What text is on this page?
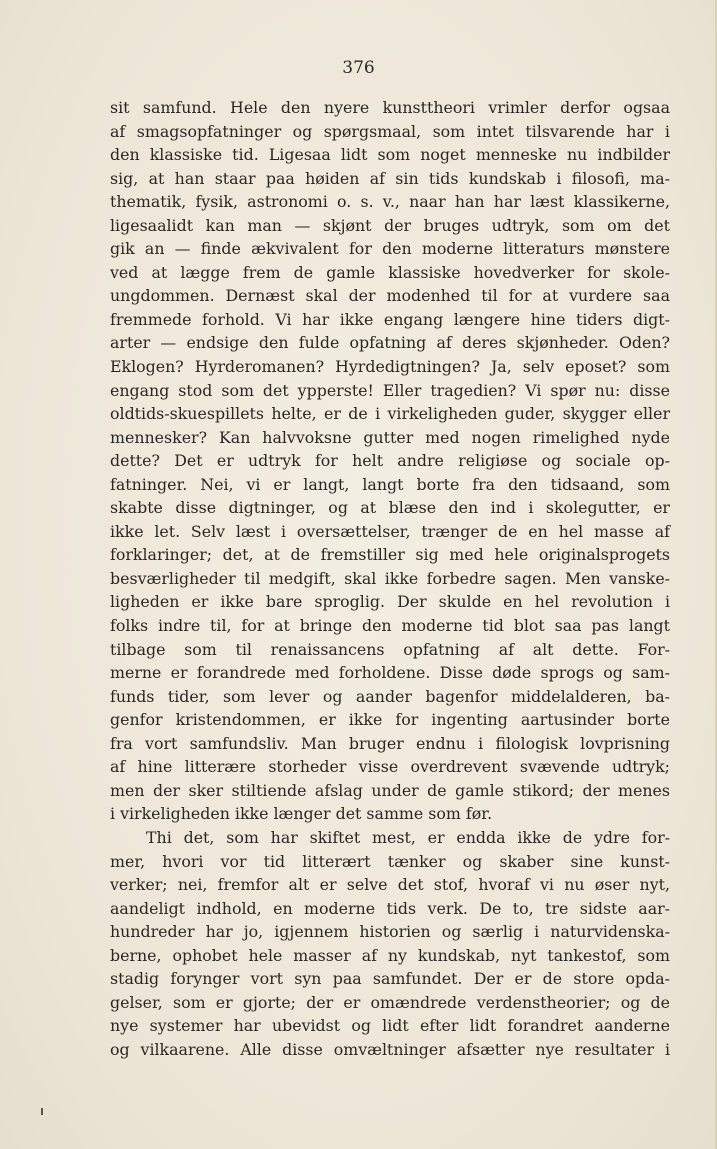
376
sit samfund. Hele den nyere kunsttheori vrimler derfor ogsaa
af smagsopfatninger og spørgsmaal, som intet tilsvarende har i
den klassiske tid. Ligesaa lidt som noget menneske nu indbilder
sig, at han staar paa høiden af sin tids kundskab i filosofi, ma-
thematik, fysik, astronomi o. s. v., naar han har læst klassikerne,
ligesaalidt kan man — skjønt der bruges udtryk, som om det
gik an — finde ækvivalent for den moderne litteraturs mønstere
ved at lægge frem de gamle klassiske hovedverker for skole-
ungdommen. Dernæst skal der modenhed til for at vurdere saa
fremmede forhold. Vi har ikke engang længere hine tiders digt-
arter — endsige den fulde opfatning af deres skjønheder. Oden?
Eklogen? Hyrderomanen? Hyrdedigtningen? Ja, selv eposet? som
engang stod som det ypperste! Eller tragedien? Vi spør nu: disse
oldtids-skuespillets helte, er de i virkeligheden guder, skygger eller
mennesker? Kan halvvoksne gutter med nogen rimelighed nyde
dette? Det er udtryk for helt andre religiøse og sociale op-
fatninger. Nei, vi er langt, langt borte fra den tidsaand, som
skabte disse digtninger, og at blæse den ind i skolegutter, er
ikke let. Selv læst i oversættelser, trænger de en hel masse af
forklaringer; det, at de fremstiller sig med hele originalsprogets
besværligheder til medgift, skal ikke forbedre sagen. Men vanske-
ligheden er ikke bare sproglig. Der skulde en hel revolution i
folks indre til, for at bringe den moderne tid blot saa pas langt
tilbage som til renaissancens opfatning af alt dette. For-
merne er forandrede med forholdene. Disse døde sprogs og sam-
funds tider, som lever og aander bagenfor middelalderen, ba-
genfor kristendommen, er ikke for ingenting aartusinder borte
fra vort samfundsliv. Man bruger endnu i filologisk lovprisning
af hine litterære storheder visse overdrevent svævende udtryk;
men der sker stiltiende afslag under de gamle stikord; der menes
i virkeligheden ikke længer det samme som før.
Thi det, som har skiftet mest, er endda ikke de ydre for-
mer, hvori vor tid litterært tænker og skaber sine kunst-
verker; nei, fremfor alt er selve det stof, hvoraf vi nu øser nyt,
aandeligt indhold, en moderne tids verk. De to, tre sidste aar-
hundreder har jo, igjennem historien og særlig i naturvidenska-
berne, ophobet hele masser af ny kundskab, nyt tankestof, som
stadig forynger vort syn paa samfundet. Der er de store opda-
gelser, som er gjorte; der er omændrede verdenstheorier; og de
nye systemer har ubevidst og lidt efter lidt forandret aanderne
og vilkaarene. Alle disse omvæltninger afsætter nye resultater i
